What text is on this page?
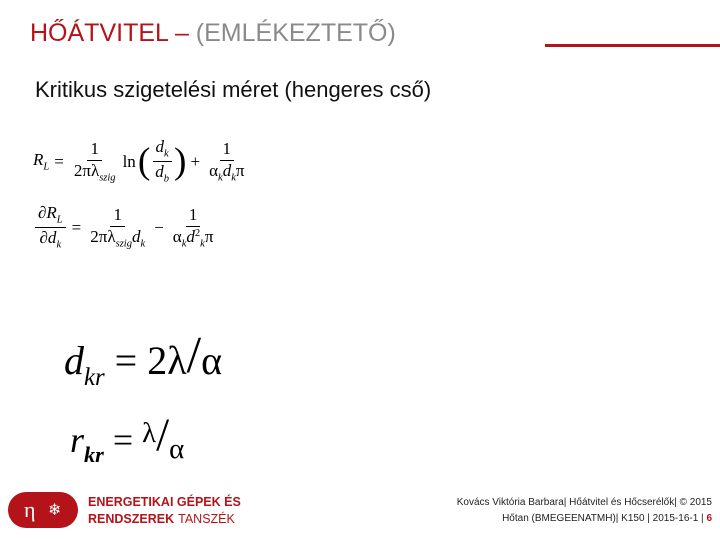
HŐÁTVITEL – (EMLÉKEZTETŐ)
Kritikus szigetelési méret (hengeres cső)
$R_L = \frac{1}{2\pi\lambda_{szig}}$ ln ( $\frac{d_k}{d_b}$ ) + $\frac{1}{\alpha_kd_k\pi}$
$\frac{\partial R_L}{\partial d_k} = \frac{1}{2\pi\lambda_{szig}d_k} - \frac{1}{\alpha_kd^2_k\pi}$
$d_{kr} = 2\lambda/\alpha$
$r_{kr} = ^\lambda/\alpha$
η ❄ ENERGETIKAI GÉPEK ÉS
RENDSZEREK TANSZÉK
Kovács Viktória Barbara| Hőátvitel és Hőcserélők| © 2015
Hőtan (BMEGEENATMH)| K150 | 2015-16-1 | 6
